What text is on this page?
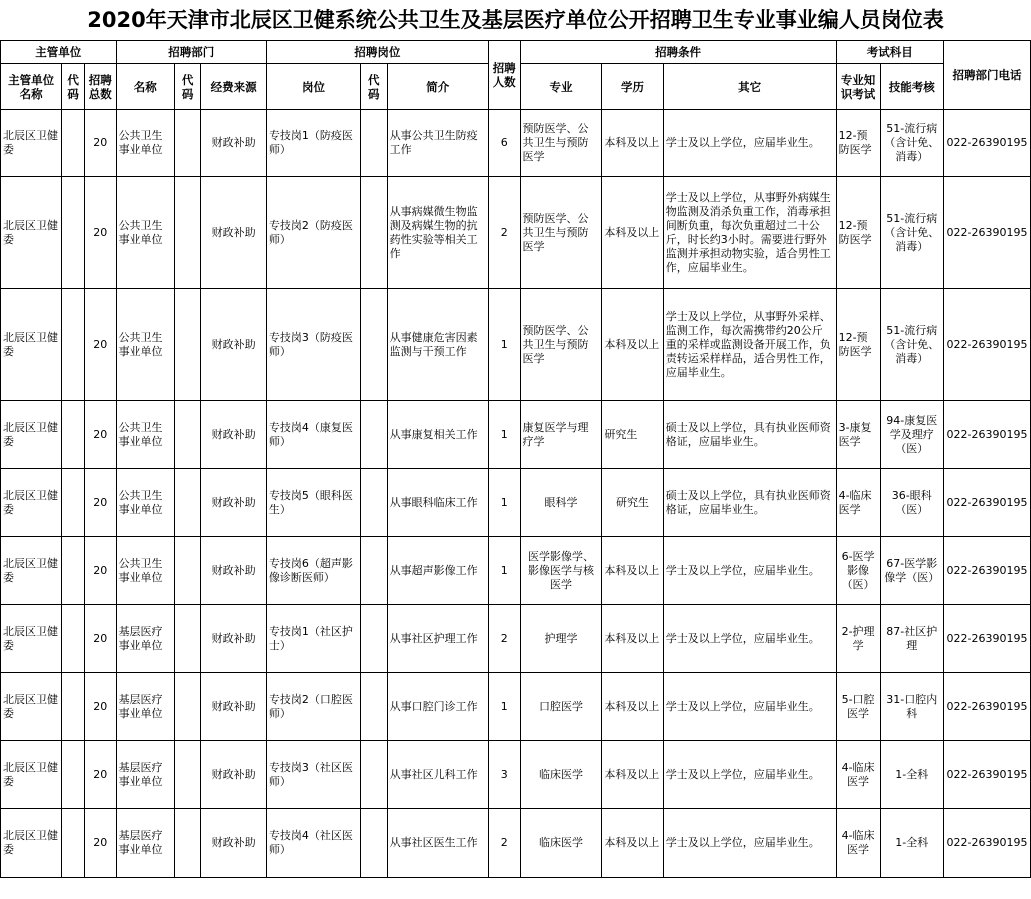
2020年天津市北辰区卫健系统公共卫生及基层医疗单位公开招聘卫生专业事业编人员岗位表
主管单位			招聘部门			招聘岗位			招聘人数	招聘条件			考试科目		招聘部门电话
主管单位名称	代码	招聘总数	名称	代码	经费来源	岗位	代码	简介		专业	学历	其它	专业知识考试	技能考核	
北辰区卫健委		20	公共卫生事业单位		财政补助	专技岗1（防疫医师）		从事公共卫生防疫工作	6	预防医学、公共卫生与预防医学	本科及以上	学士及以上学位，应届毕业生。	12-预防医学	51-流行病（含计免、消毒）	022-26390195
北辰区卫健委		20	公共卫生事业单位		财政补助	专技岗2（防疫医师）		从事病媒微生物监测及病媒生物的抗药性实验等相关工作	2	预防医学、公共卫生与预防医学	本科及以上	学士及以上学位，从事野外病媒生物监测及消杀负重工作，消毒承担间断负重，每次负重超过二十公斤，时长约3小时。需要进行野外监测并承担动物实验，适合男性工作，应届毕业生。	12-预防医学	51-流行病（含计免、消毒）	022-26390195
北辰区卫健委		20	公共卫生事业单位		财政补助	专技岗3（防疫医师）		从事健康危害因素监测与干预工作	1	预防医学、公共卫生与预防医学	本科及以上	学士及以上学位，从事野外采样、监测工作，每次需携带约20公斤重的采样或监测设备开展工作，负责转运采样样品，适合男性工作，应届毕业生。	12-预防医学	51-流行病（含计免、消毒）	022-26390195
北辰区卫健委		20	公共卫生事业单位		财政补助	专技岗4（康复医师）		从事康复相关工作	1	康复医学与理疗学	研究生	硕士及以上学位，具有执业医师资格证，应届毕业生。	3-康复医学	94-康复医学及理疗（医）	022-26390195
北辰区卫健委		20	公共卫生事业单位		财政补助	专技岗5（眼科医生）		从事眼科临床工作	1	眼科学	研究生	硕士及以上学位，具有执业医师资格证，应届毕业生。	4-临床医学	36-眼科（医）	022-26390195
北辰区卫健委		20	公共卫生事业单位		财政补助	专技岗6（超声影像诊断医师）		从事超声影像工作	1	医学影像学、影像医学与核医学	本科及以上	学士及以上学位，应届毕业生。	6-医学影像（医）	67-医学影像学（医）	022-26390195
北辰区卫健委		20	基层医疗事业单位		财政补助	专技岗1（社区护士）		从事社区护理工作	2	护理学	本科及以上	学士及以上学位，应届毕业生。	2-护理学	87-社区护理	022-26390195
北辰区卫健委		20	基层医疗事业单位		财政补助	专技岗2（口腔医师）		从事口腔门诊工作	1	口腔医学	本科及以上	学士及以上学位，应届毕业生。	5-口腔医学	31-口腔内科	022-26390195
北辰区卫健委		20	基层医疗事业单位		财政补助	专技岗3（社区医师）		从事社区儿科工作	3	临床医学	本科及以上	学士及以上学位，应届毕业生。	4-临床医学	1-全科	022-26390195
北辰区卫健委		20	基层医疗事业单位		财政补助	专技岗4（社区医师）		从事社区医生工作	2	临床医学	本科及以上	学士及以上学位，应届毕业生。	4-临床医学	1-全科	022-26390195
